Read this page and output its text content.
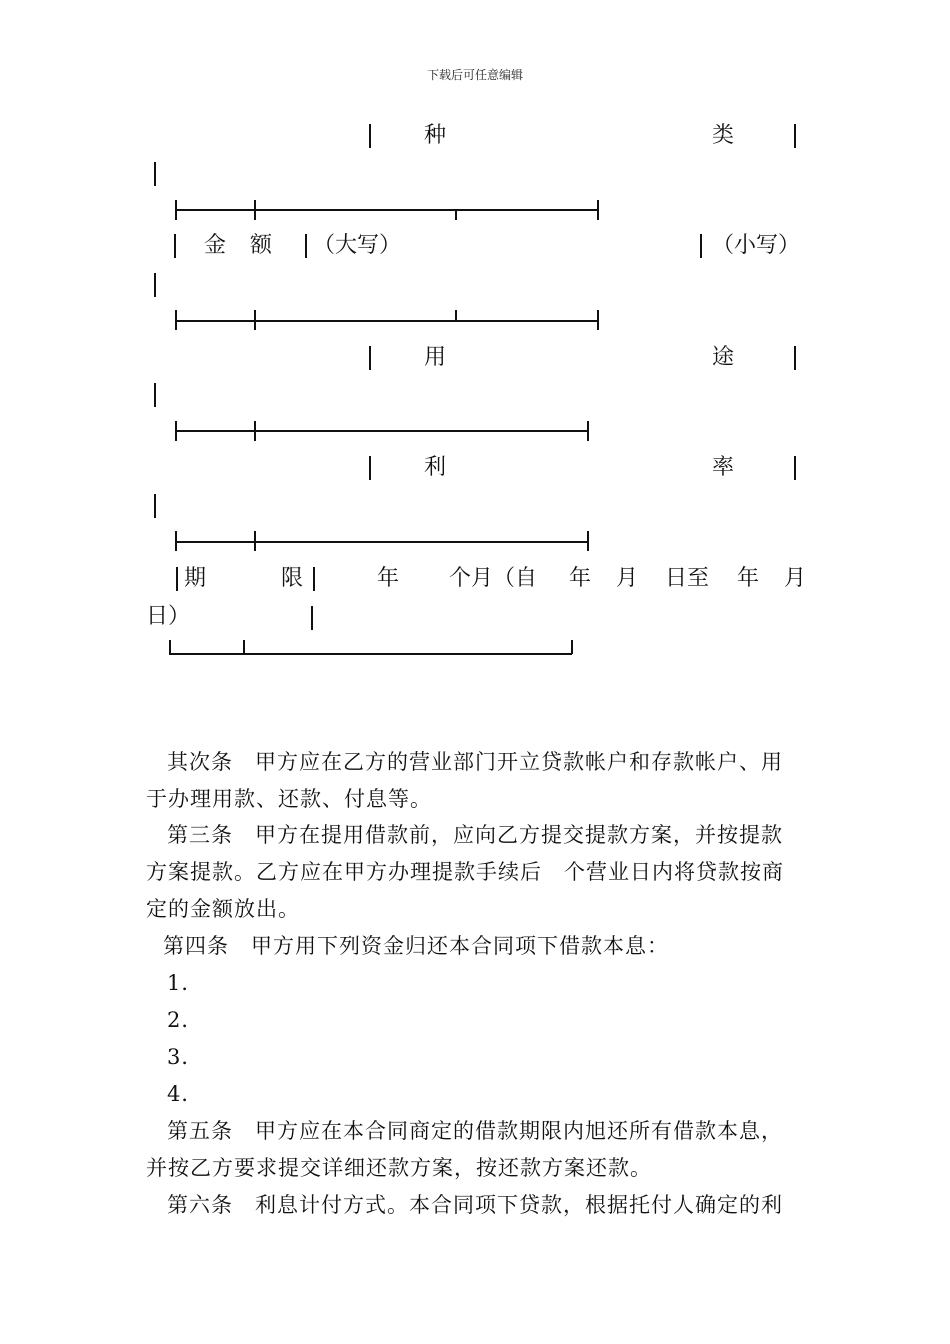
下载后可任意编辑
种	类
金 额 （大写）	（小写）
用	途
利	率
期	限	年 个月（自 年 月 日至 年 月
日）
其次条　甲方应在乙方的营业部门开立贷款帐户和存款帐户、用
于办理用款、还款、付息等。
第三条　甲方在提用借款前，应向乙方提交提款方案，并按提款
方案提款。乙方应在甲方办理提款手续后　个营业日内将贷款按商
定的金额放出。
第四条　甲方用下列资金归还本合同项下借款本息：
1．
2．
3．
4．
第五条　甲方应在本合同商定的借款期限内旭还所有借款本息，
并按乙方要求提交详细还款方案，按还款方案还款。
第六条　利息计付方式。本合同项下贷款，根据托付人确定的利
